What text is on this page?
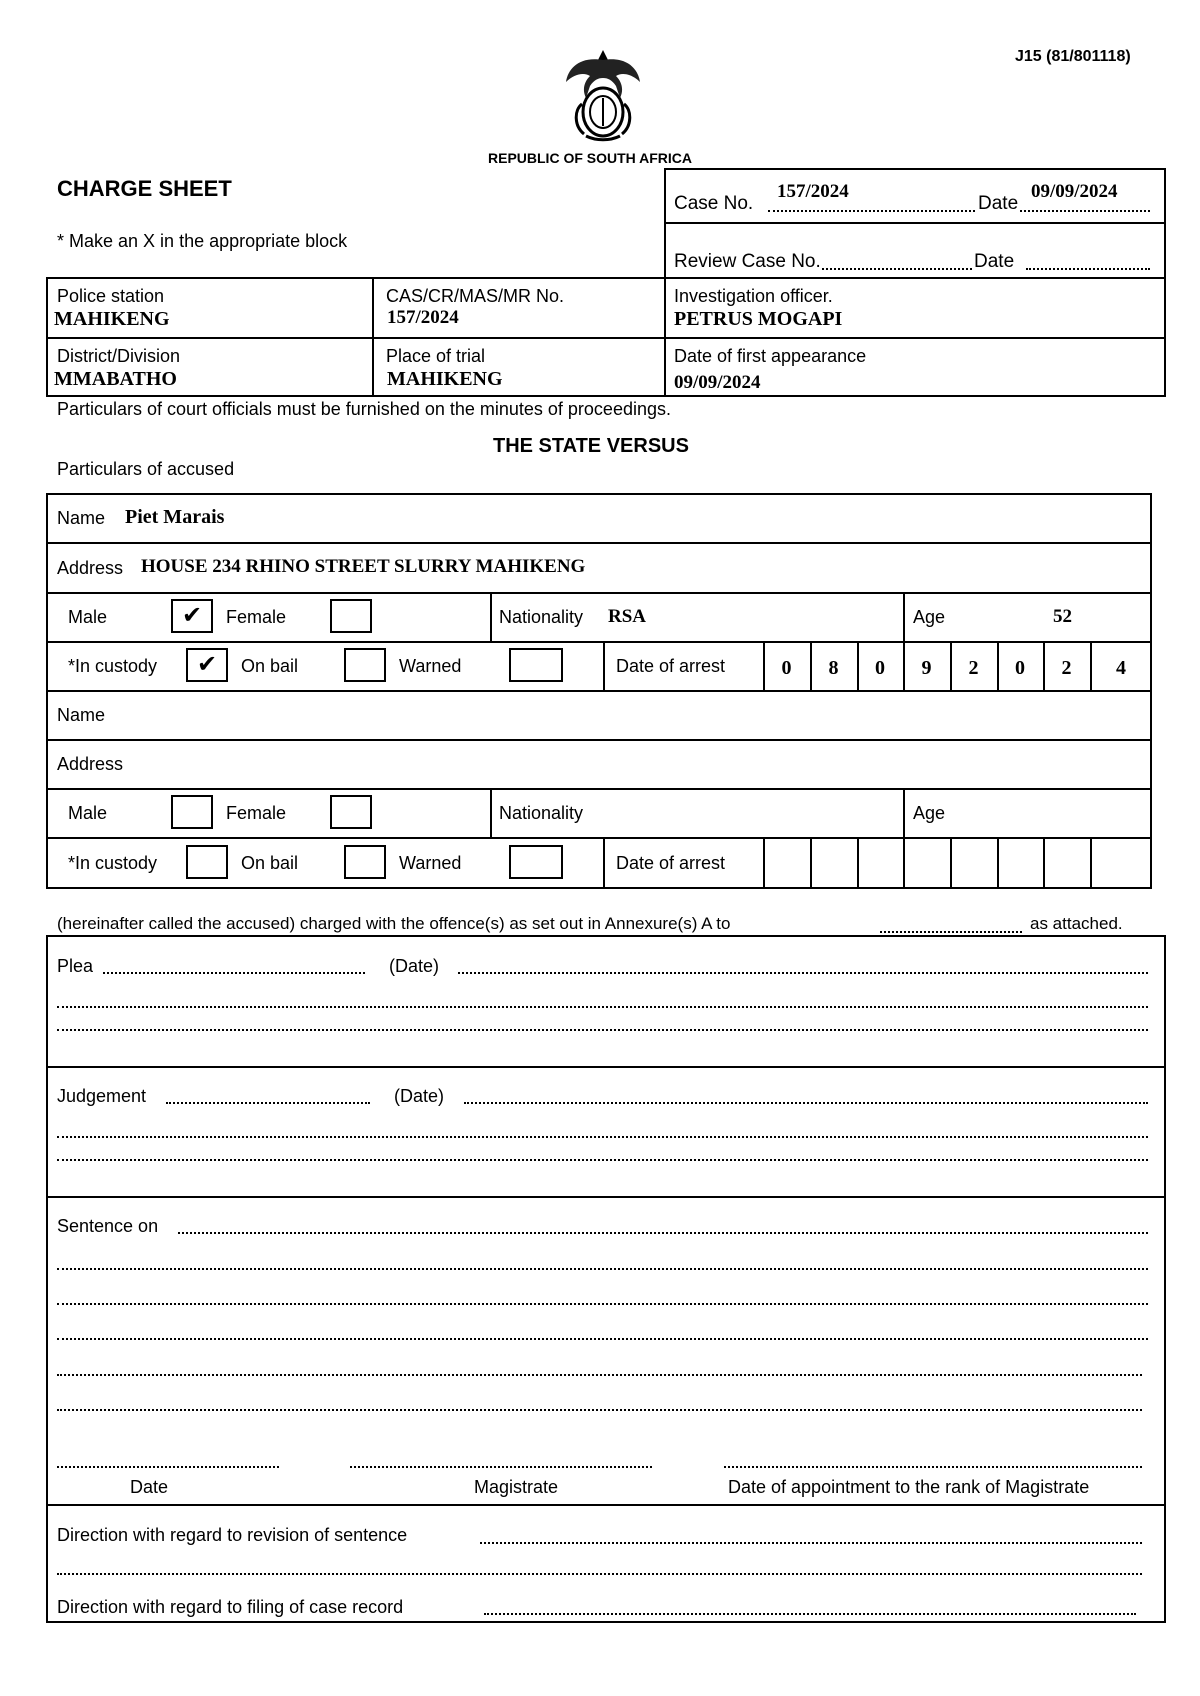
J15 (81/801118)
REPUBLIC OF SOUTH AFRICA
CHARGE SHEET
* Make an X in the appropriate block
Case No.
157/2024
Date
09/09/2024
Review Case No.	Date
Police station
MAHIKENG
CAS/CR/MAS/MR No.
157/2024
Investigation officer.
PETRUS MOGAPI
District/Division
MMABATHO
Place of trial
MAHIKENG
Date of first appearance
09/09/2024
Particulars of court officials must be furnished on the minutes of proceedings.
THE STATE VERSUS
Particulars of accused
Name Piet Marais
Address HOUSE 234 RHINO STREET SLURRY MAHIKENG
Male	✔	Female	Nationality RSA	Age	52
*In custody	✔	On bail	Warned	Date of arrest	0	8	0	9	2	0	2	4
Name
Address
Male	Female	Nationality	Age
*In custody	On bail	Warned	Date of arrest
(hereinafter called the accused) charged with the offence(s) as set out in Annexure(s) A to	as attached.
Plea	(Date)
Judgement	(Date)
Sentence on
Date	Magistrate	Date of appointment to the rank of Magistrate
Direction with regard to revision of sentence
Direction with regard to filing of case record
